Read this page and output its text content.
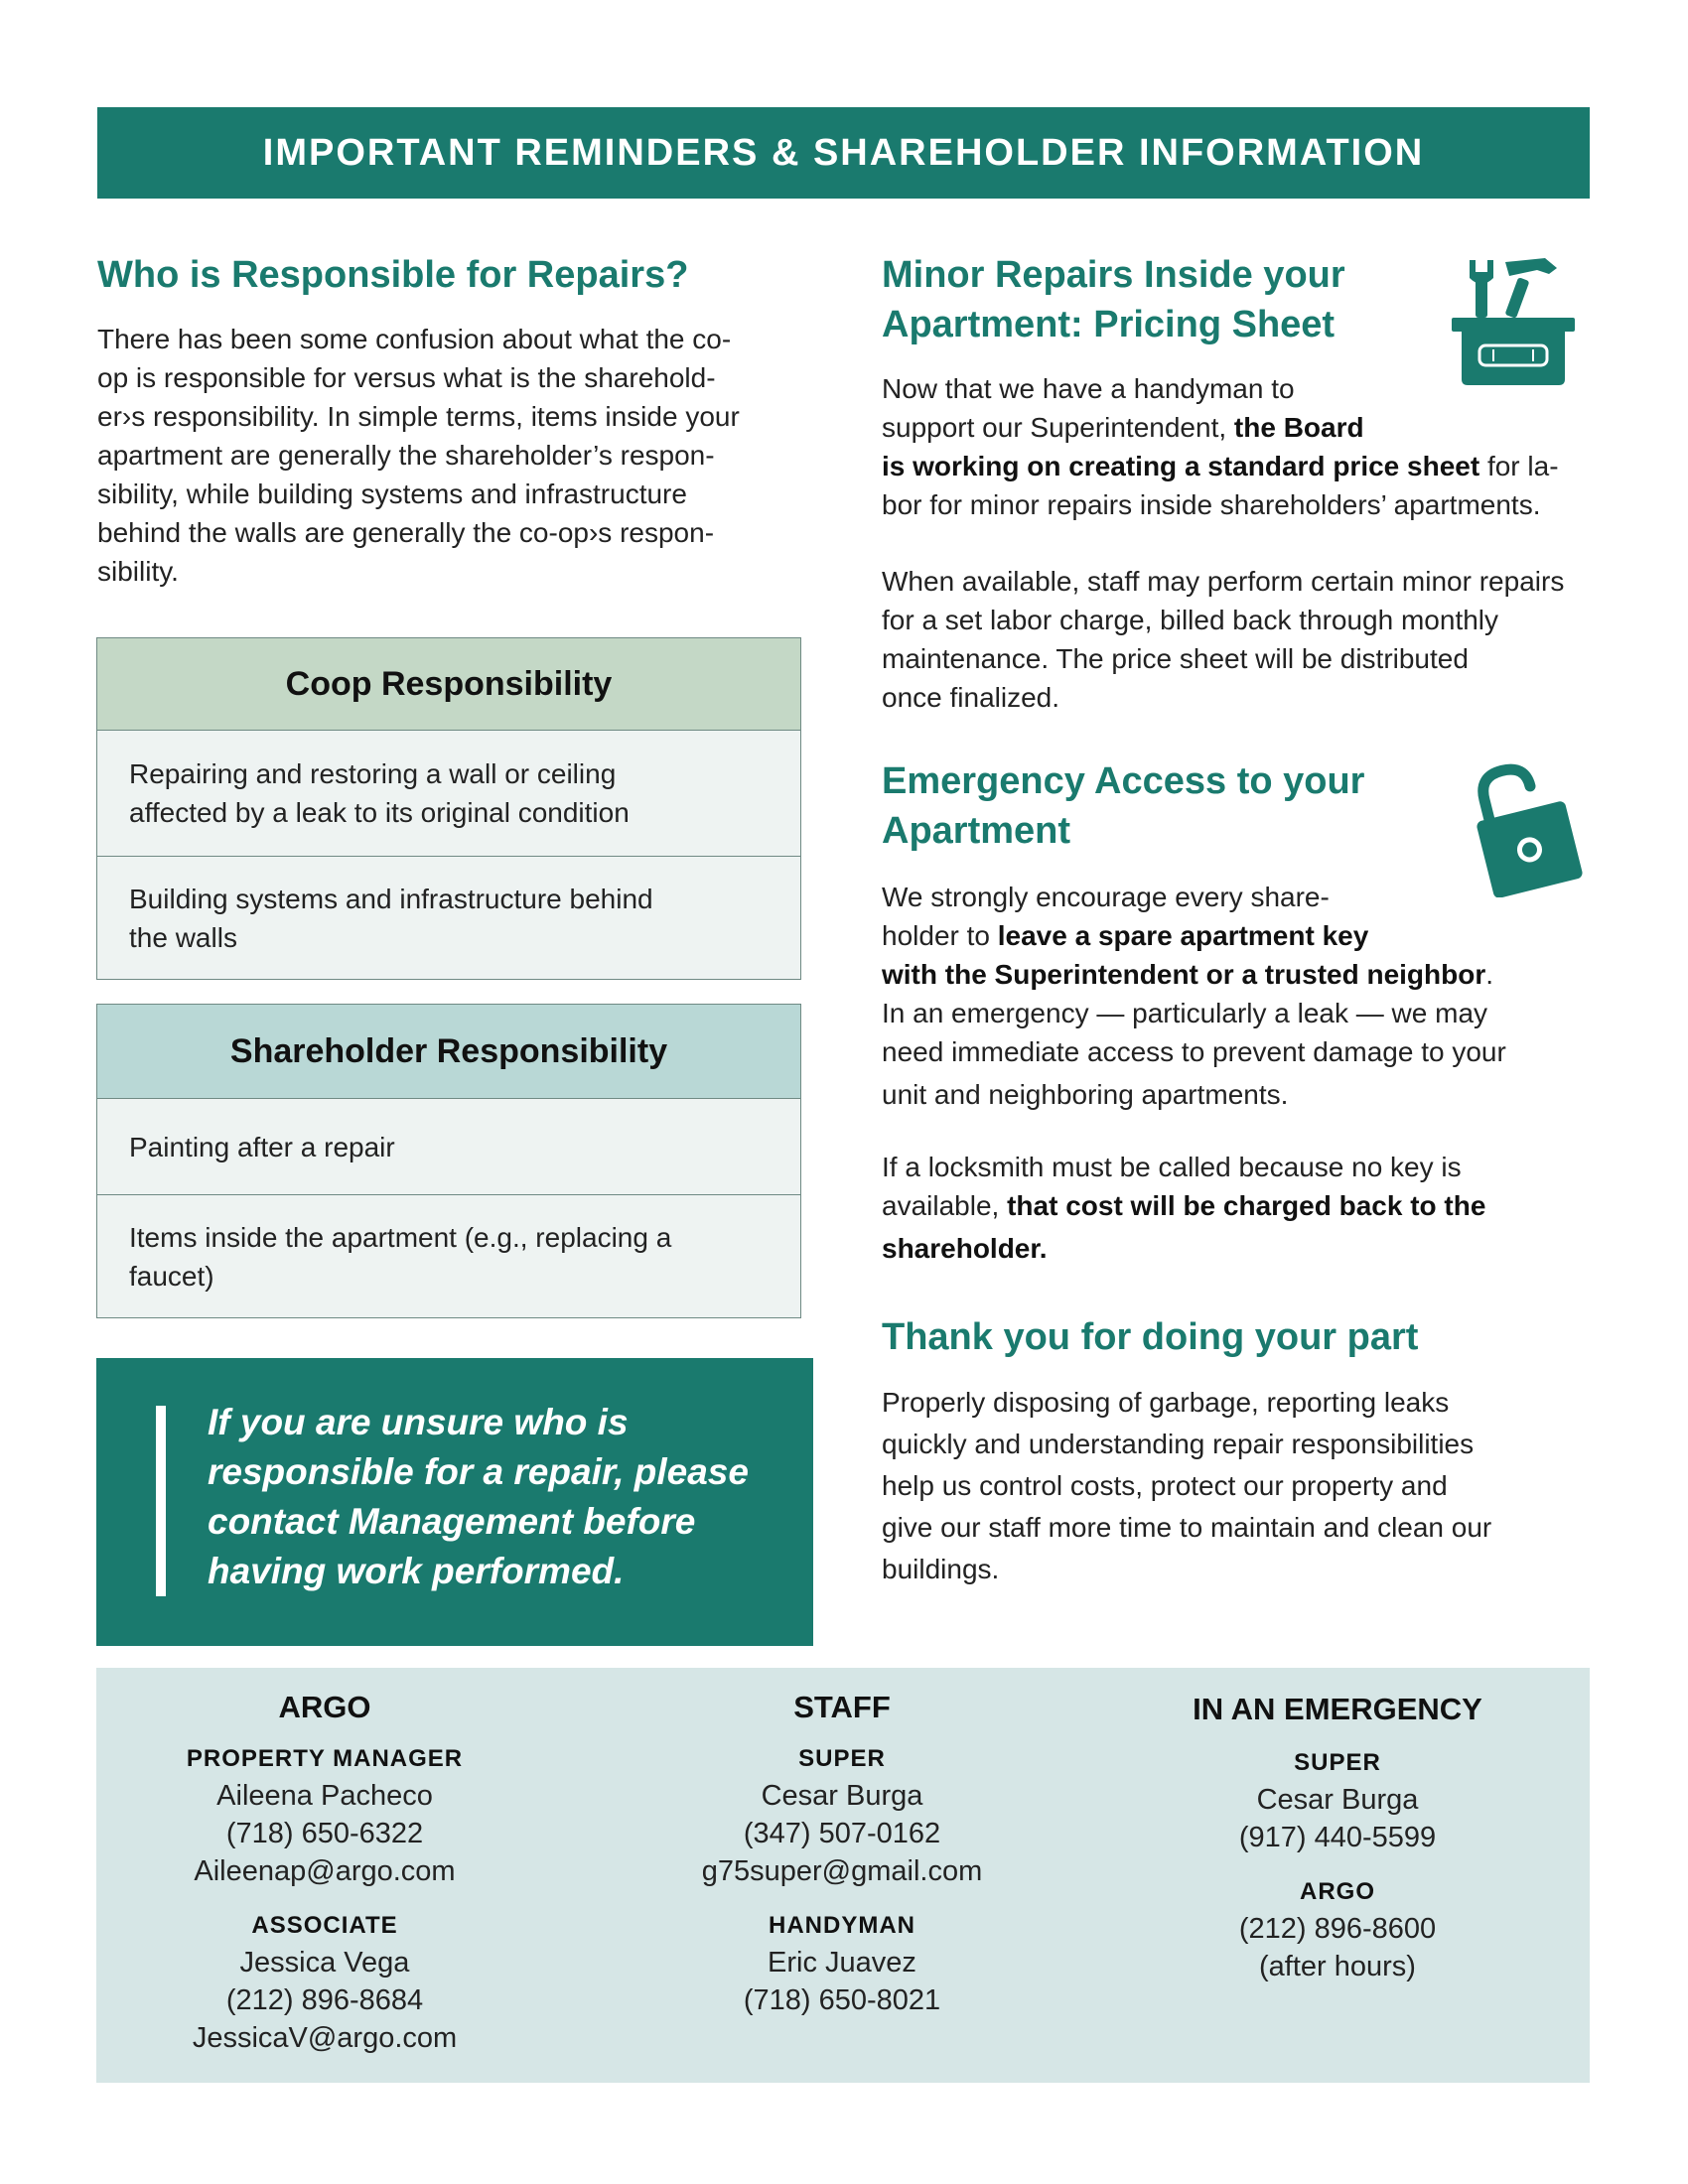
IMPORTANT REMINDERS & SHAREHOLDER INFORMATION
Who is Responsible for Repairs?
There has been some confusion about what the co-
op is responsible for versus what is the sharehold-
er›s responsibility. In simple terms, items inside your
apartment are generally the shareholder’s respon-
sibility, while building systems and infrastructure
behind the walls are generally the co-op›s respon-
sibility.
Coop Responsibility
Repairing and restoring a wall or ceiling
affected by a leak to its original condition
Building systems and infrastructure behind
the walls
Shareholder Responsibility
Painting after a repair
Items inside the apartment (e.g., replacing a
faucet)
If you are unsure who is
responsible for a repair, please
contact Management before
having work performed.
Minor Repairs Inside your
Apartment: Pricing Sheet
Now that we have a handyman to
support our Superintendent, the Board
is working on creating a standard price sheet for la-
bor for minor repairs inside shareholders’ apartments.
When available, staff may perform certain minor repairs
for a set labor charge, billed back through monthly
maintenance. The price sheet will be distributed
once finalized.
Emergency Access to your
Apartment
We strongly encourage every share-
holder to leave a spare apartment key
with the Superintendent or a trusted neighbor.
In an emergency — particularly a leak — we may
need immediate access to prevent damage to your
unit and neighboring apartments.
If a locksmith must be called because no key is
available, that cost will be charged back to the
shareholder.
Thank you for doing your part
Properly disposing of garbage, reporting leaks
quickly and understanding repair responsibilities
help us control costs, protect our property and
give our staff more time to maintain and clean our
buildings.

ARGO

PROPERTY MANAGER

Aileena Pacheco

(718) 650-6322

Aileenap@argo.com

ASSOCIATE

Jessica Vega

(212) 896-8684

JessicaV@argo.com

STAFF

SUPER

Cesar Burga

(347) 507-0162

g75super@gmail.com

HANDYMAN

Eric Juavez

(718) 650-8021

IN AN EMERGENCY

SUPER

Cesar Burga

(917) 440-5599

ARGO

(212) 896-8600

(after hours)
